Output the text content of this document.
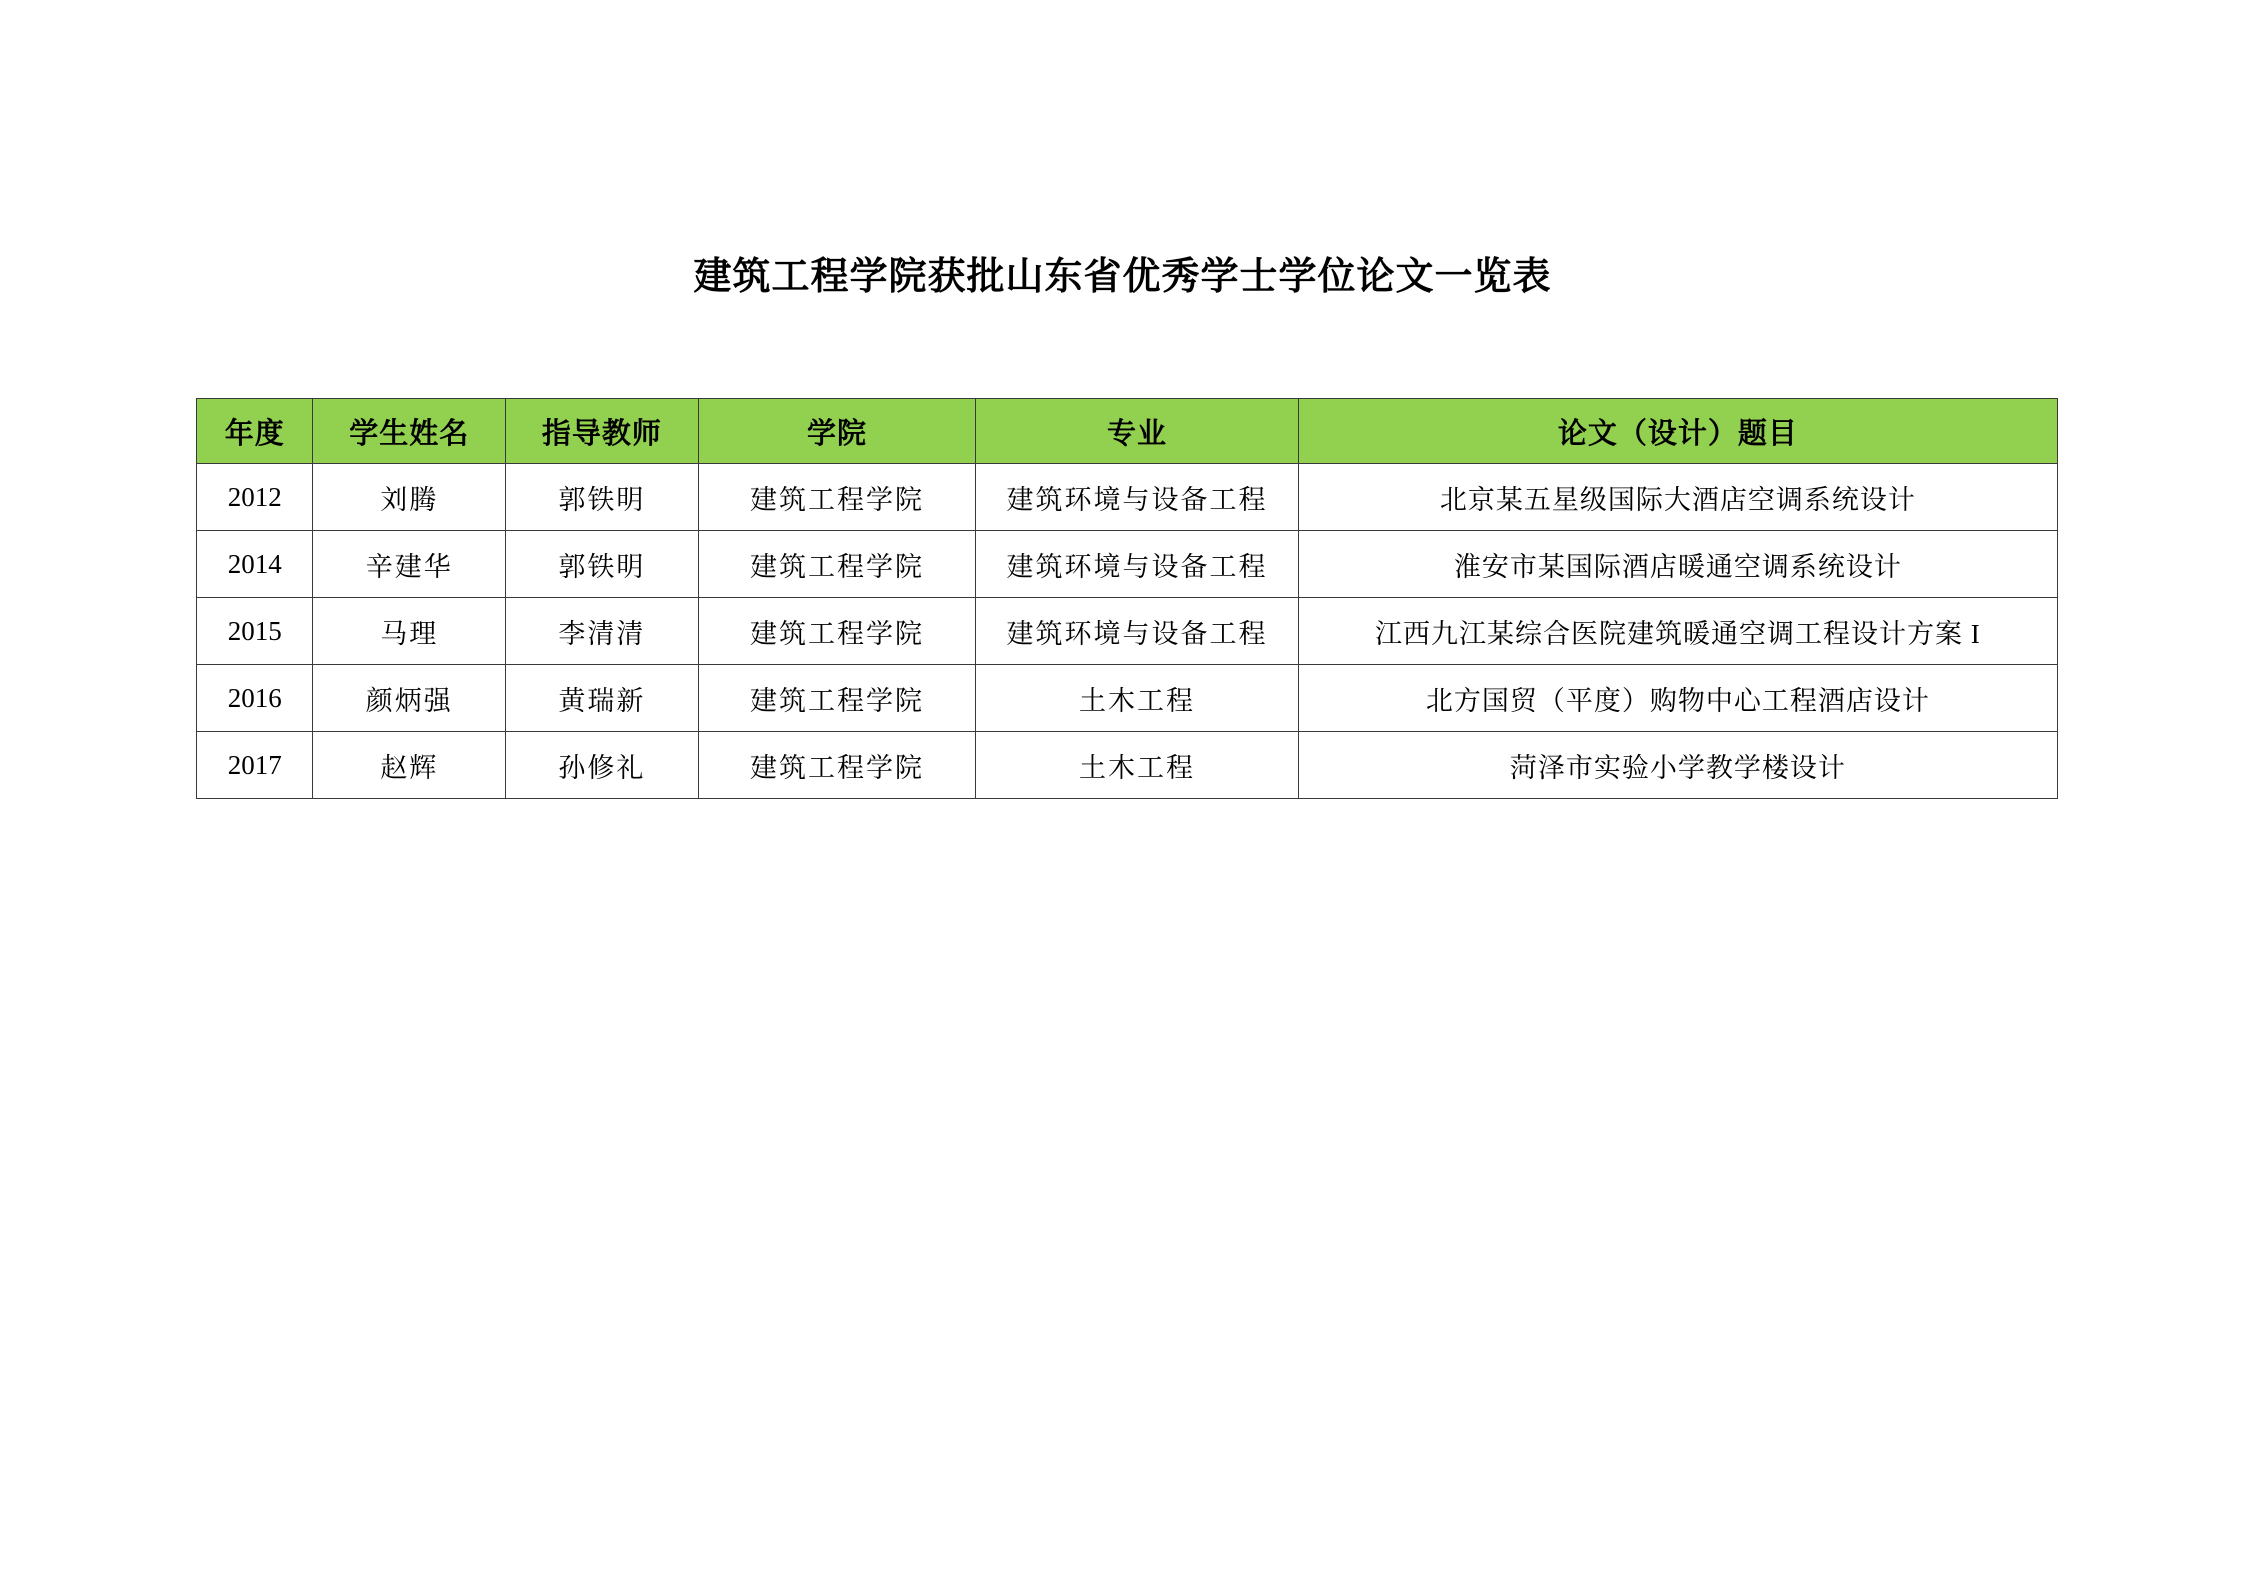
建筑工程学院获批山东省优秀学士学位论文一览表
年度	学生姓名	指导教师	学院	专业	论文（设计）题目
2012	刘腾	郭铁明	建筑工程学院	建筑环境与设备工程	北京某五星级国际大酒店空调系统设计
2014	辛建华	郭铁明	建筑工程学院	建筑环境与设备工程	淮安市某国际酒店暖通空调系统设计
2015	马理	李清清	建筑工程学院	建筑环境与设备工程	江西九江某综合医院建筑暖通空调工程设计方案 I
2016	颜炳强	黄瑞新	建筑工程学院	土木工程	北方国贸（平度）购物中心工程酒店设计
2017	赵辉	孙修礼	建筑工程学院	土木工程	菏泽市实验小学教学楼设计
